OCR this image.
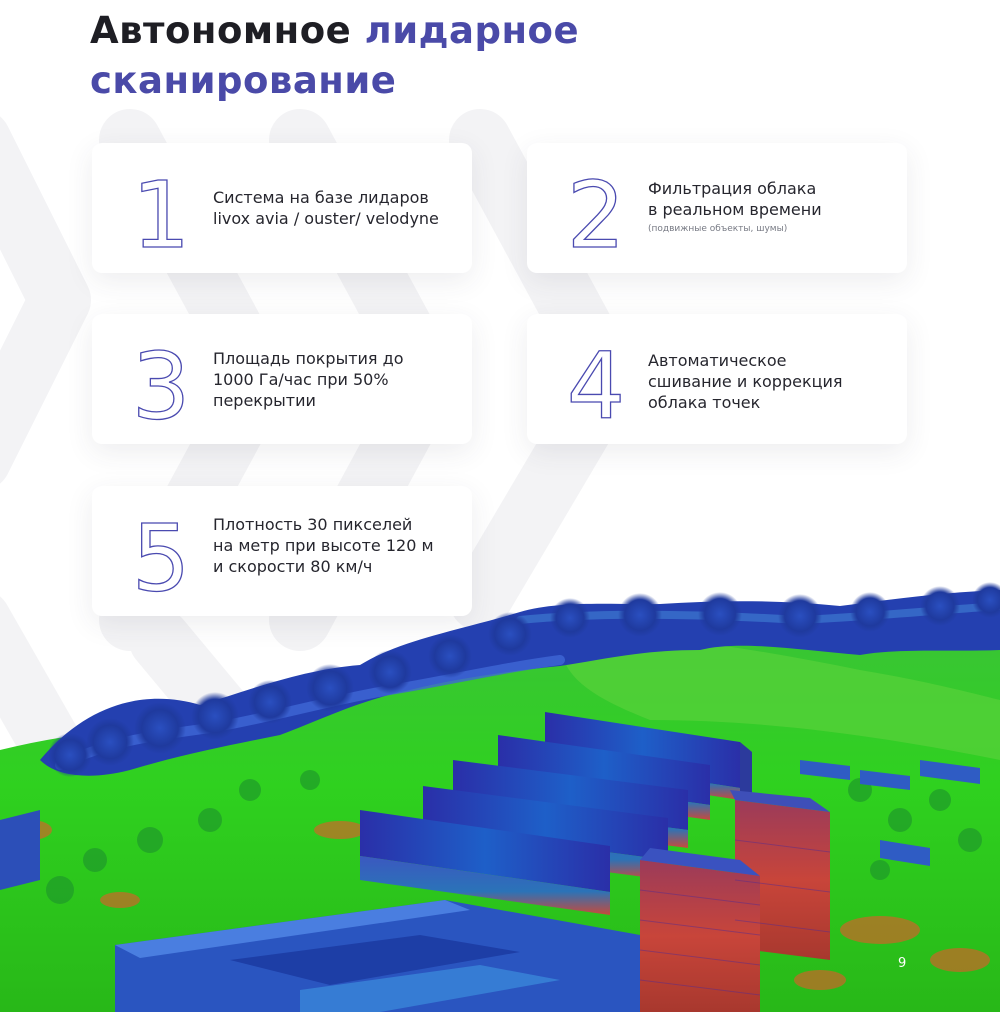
Автономное лидарное
сканирование
1 Система на базе лидаров
livox avia / ouster/ velodyne 2 Фильтрация облака
в реальном времени
(подвижные объекты, шумы)
3 Площадь покрытия до
1000 Га/час при 50%
перекрытии	4 Автоматическое
сшивание и коррекция
облака точек
5 Плотность 30 пикселей
на метр при высоте 120 м
и скорости 80 км/ч
9
